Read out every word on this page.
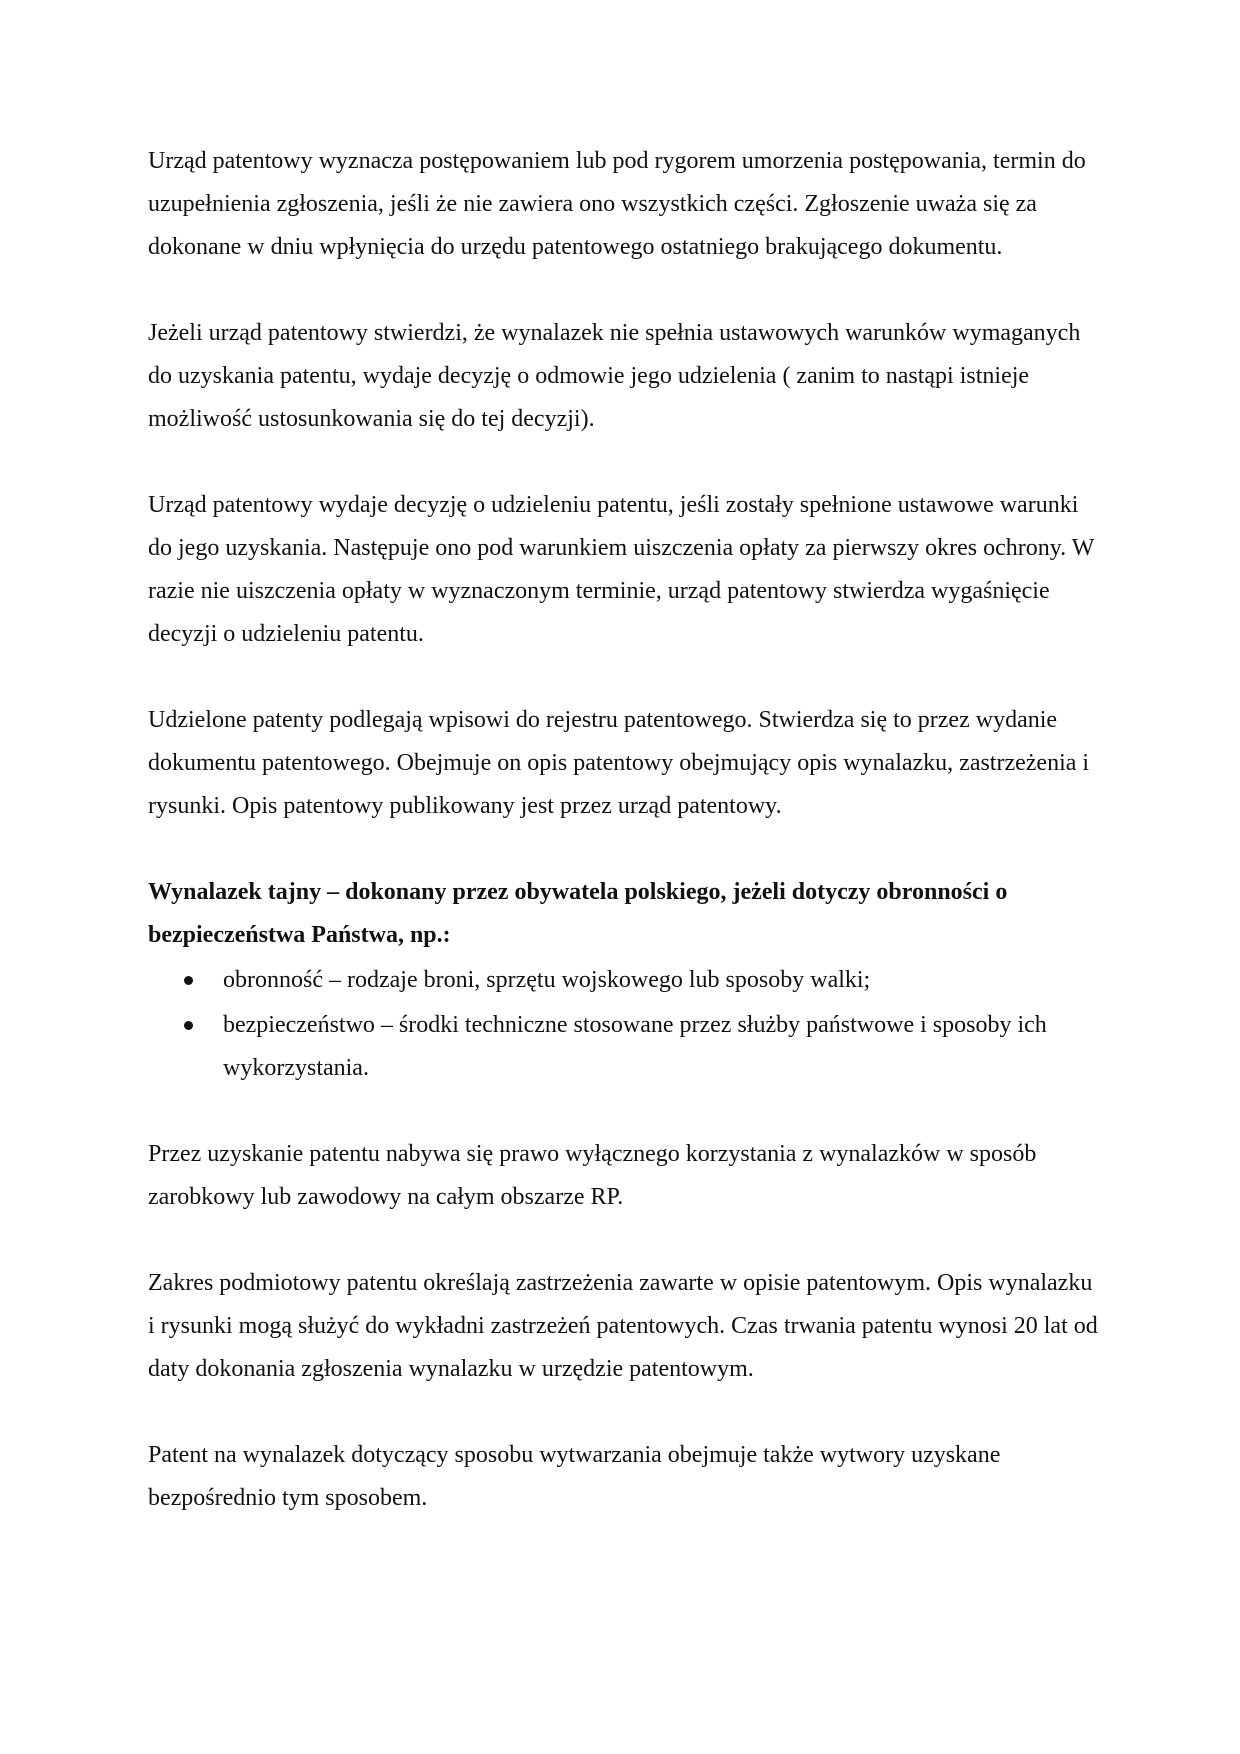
Urząd patentowy wyznacza postępowaniem lub pod rygorem umorzenia postępowania, termin do uzupełnienia zgłoszenia, jeśli że nie zawiera ono wszystkich części. Zgłoszenie uważa się za dokonane w dniu wpłynięcia do urzędu patentowego ostatniego brakującego dokumentu.

Jeżeli urząd patentowy stwierdzi, że wynalazek nie spełnia ustawowych warunków wymaganych do uzyskania patentu, wydaje decyzję o odmowie jego udzielenia ( zanim to nastąpi istnieje możliwość ustosunkowania się do tej decyzji).

Urząd patentowy wydaje decyzję o udzieleniu patentu, jeśli zostały spełnione ustawowe warunki do jego uzyskania. Następuje ono pod warunkiem uiszczenia opłaty za pierwszy okres ochrony. W razie nie uiszczenia opłaty w wyznaczonym terminie, urząd patentowy stwierdza wygaśnięcie decyzji o udzieleniu patentu.

Udzielone patenty podlegają wpisowi do rejestru patentowego. Stwierdza się to przez wydanie dokumentu patentowego. Obejmuje on opis patentowy obejmujący opis wynalazku, zastrzeżenia i rysunki. Opis patentowy publikowany jest przez urząd patentowy.

Wynalazek tajny – dokonany przez obywatela polskiego, jeżeli dotyczy obronności o bezpieczeństwa Państwa, np.:

obronność – rodzaje broni, sprzętu wojskowego lub sposoby walki;
bezpieczeństwo – środki techniczne stosowane przez służby państwowe i sposoby ich wykorzystania.

Przez uzyskanie patentu nabywa się prawo wyłącznego korzystania z wynalazków w sposób zarobkowy lub zawodowy na całym obszarze RP.

Zakres podmiotowy patentu określają zastrzeżenia zawarte w opisie patentowym. Opis wynalazku i rysunki mogą służyć do wykładni zastrzeżeń patentowych. Czas trwania patentu wynosi 20 lat od daty dokonania zgłoszenia wynalazku w urzędzie patentowym.

Patent na wynalazek dotyczący sposobu wytwarzania obejmuje także wytwory uzyskane bezpośrednio tym sposobem.
